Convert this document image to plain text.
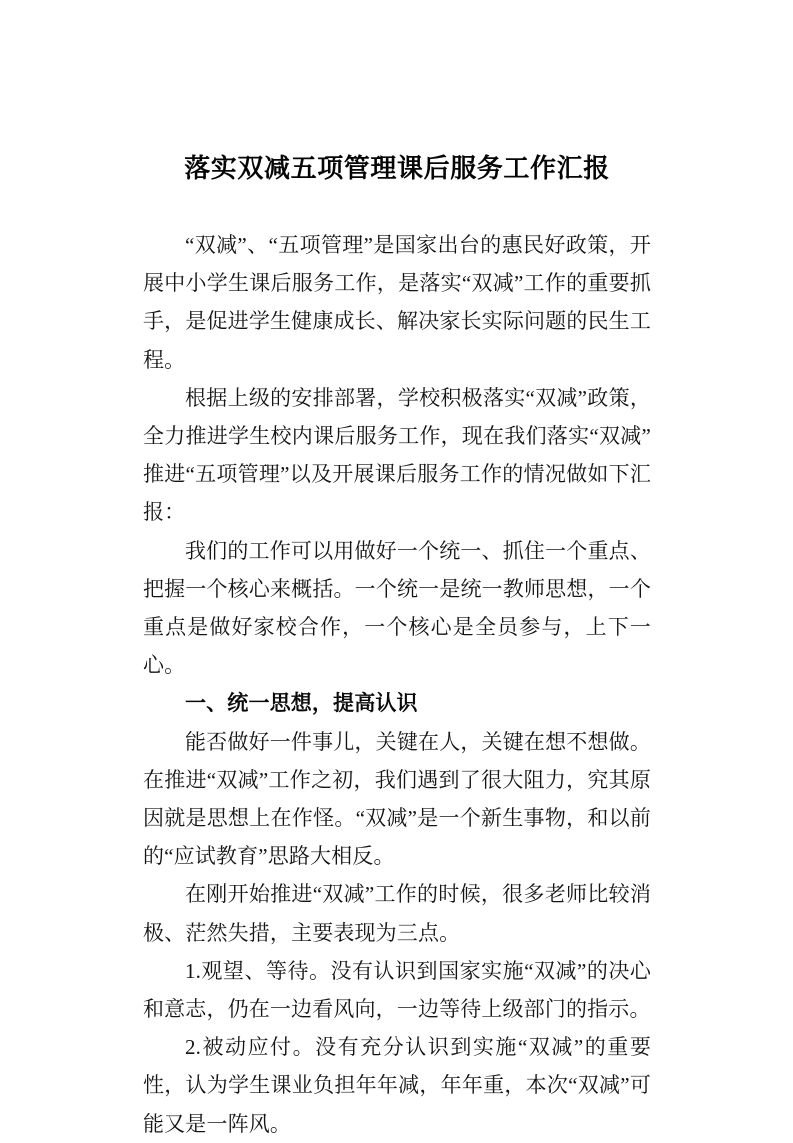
落实双减五项管理课后服务工作汇报

“双减”、“五项管理”是国家出台的惠民好政策，开展中小学生课后服务工作，是落实“双减”工作的重要抓手，是促进学生健康成长、解决家长实际问题的民生工程。

根据上级的安排部署，学校积极落实“双减”政策，全力推进学生校内课后服务工作，现在我们落实“双减”推进“五项管理”以及开展课后服务工作的情况做如下汇报：

我们的工作可以用做好一个统一、抓住一个重点、把握一个核心来概括。一个统一是统一教师思想，一个重点是做好家校合作，一个核心是全员参与，上下一心。

一、统一思想，提高认识

能否做好一件事儿，关键在人，关键在想不想做。在推进“双减”工作之初，我们遇到了很大阻力，究其原因就是思想上在作怪。“双减”是一个新生事物，和以前的“应试教育”思路大相反。

在刚开始推进“双减”工作的时候，很多老师比较消极、茫然失措，主要表现为三点。

1.观望、等待。没有认识到国家实施“双减”的决心和意志，仍在一边看风向，一边等待上级部门的指示。

2.被动应付。没有充分认识到实施“双减”的重要性，认为学生课业负担年年减，年年重，本次“双减”可能又是一阵风。
